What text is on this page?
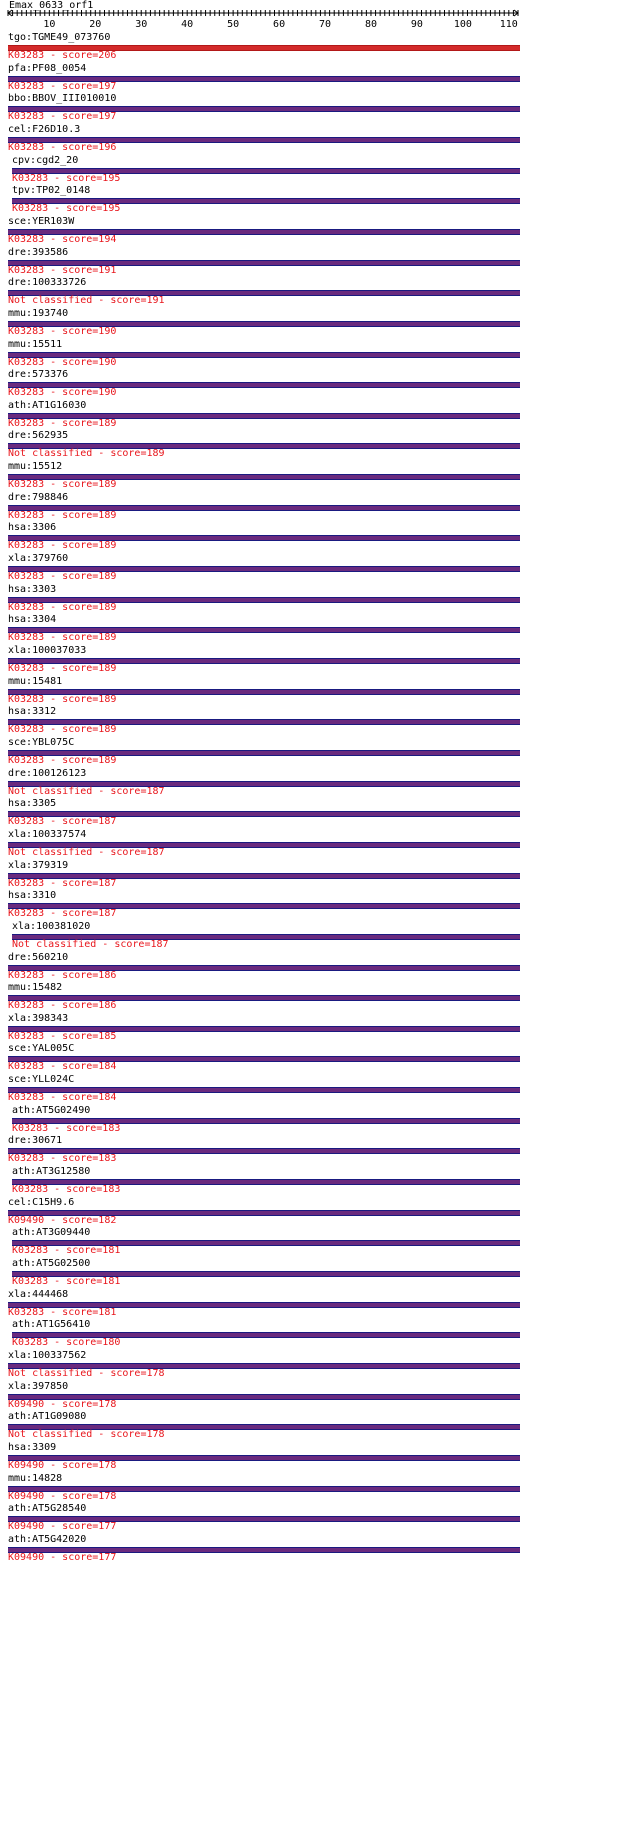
Emax_0633_orf1
10	20	30	40	50	60	70	80	90	100	110
tgo:TGME49_073760
K03283 - score=206
pfa:PF08_0054
K03283 - score=197
bbo:BBOV_III010010
K03283 - score=197
cel:F26D10.3
K03283 - score=196
cpv:cgd2_20
K03283 - score=195
tpv:TP02_0148
K03283 - score=195
sce:YER103W
K03283 - score=194
dre:393586
K03283 - score=191
dre:100333726
Not classified - score=191
mmu:193740
K03283 - score=190
mmu:15511
K03283 - score=190
dre:573376
K03283 - score=190
ath:AT1G16030
K03283 - score=189
dre:562935
Not classified - score=189
mmu:15512
K03283 - score=189
dre:798846
K03283 - score=189
hsa:3306
K03283 - score=189
xla:379760
K03283 - score=189
hsa:3303
K03283 - score=189
hsa:3304
K03283 - score=189
xla:100037033
K03283 - score=189
mmu:15481
K03283 - score=189
hsa:3312
K03283 - score=189
sce:YBL075C
K03283 - score=189
dre:100126123
Not classified - score=187
hsa:3305
K03283 - score=187
xla:100337574
Not classified - score=187
xla:379319
K03283 - score=187
hsa:3310
K03283 - score=187
xla:100381020
Not classified - score=187
dre:560210
K03283 - score=186
mmu:15482
K03283 - score=186
xla:398343
K03283 - score=185
sce:YAL005C
K03283 - score=184
sce:YLL024C
K03283 - score=184
ath:AT5G02490
K03283 - score=183
dre:30671
K03283 - score=183
ath:AT3G12580
K03283 - score=183
cel:C15H9.6
K09490 - score=182
ath:AT3G09440
K03283 - score=181
ath:AT5G02500
K03283 - score=181
xla:444468
K03283 - score=181
ath:AT1G56410
K03283 - score=180
xla:100337562
Not classified - score=178
xla:397850
K09490 - score=178
ath:AT1G09080
Not classified - score=178
hsa:3309
K09490 - score=178
mmu:14828
K09490 - score=178
ath:AT5G28540
K09490 - score=177
ath:AT5G42020
K09490 - score=177
